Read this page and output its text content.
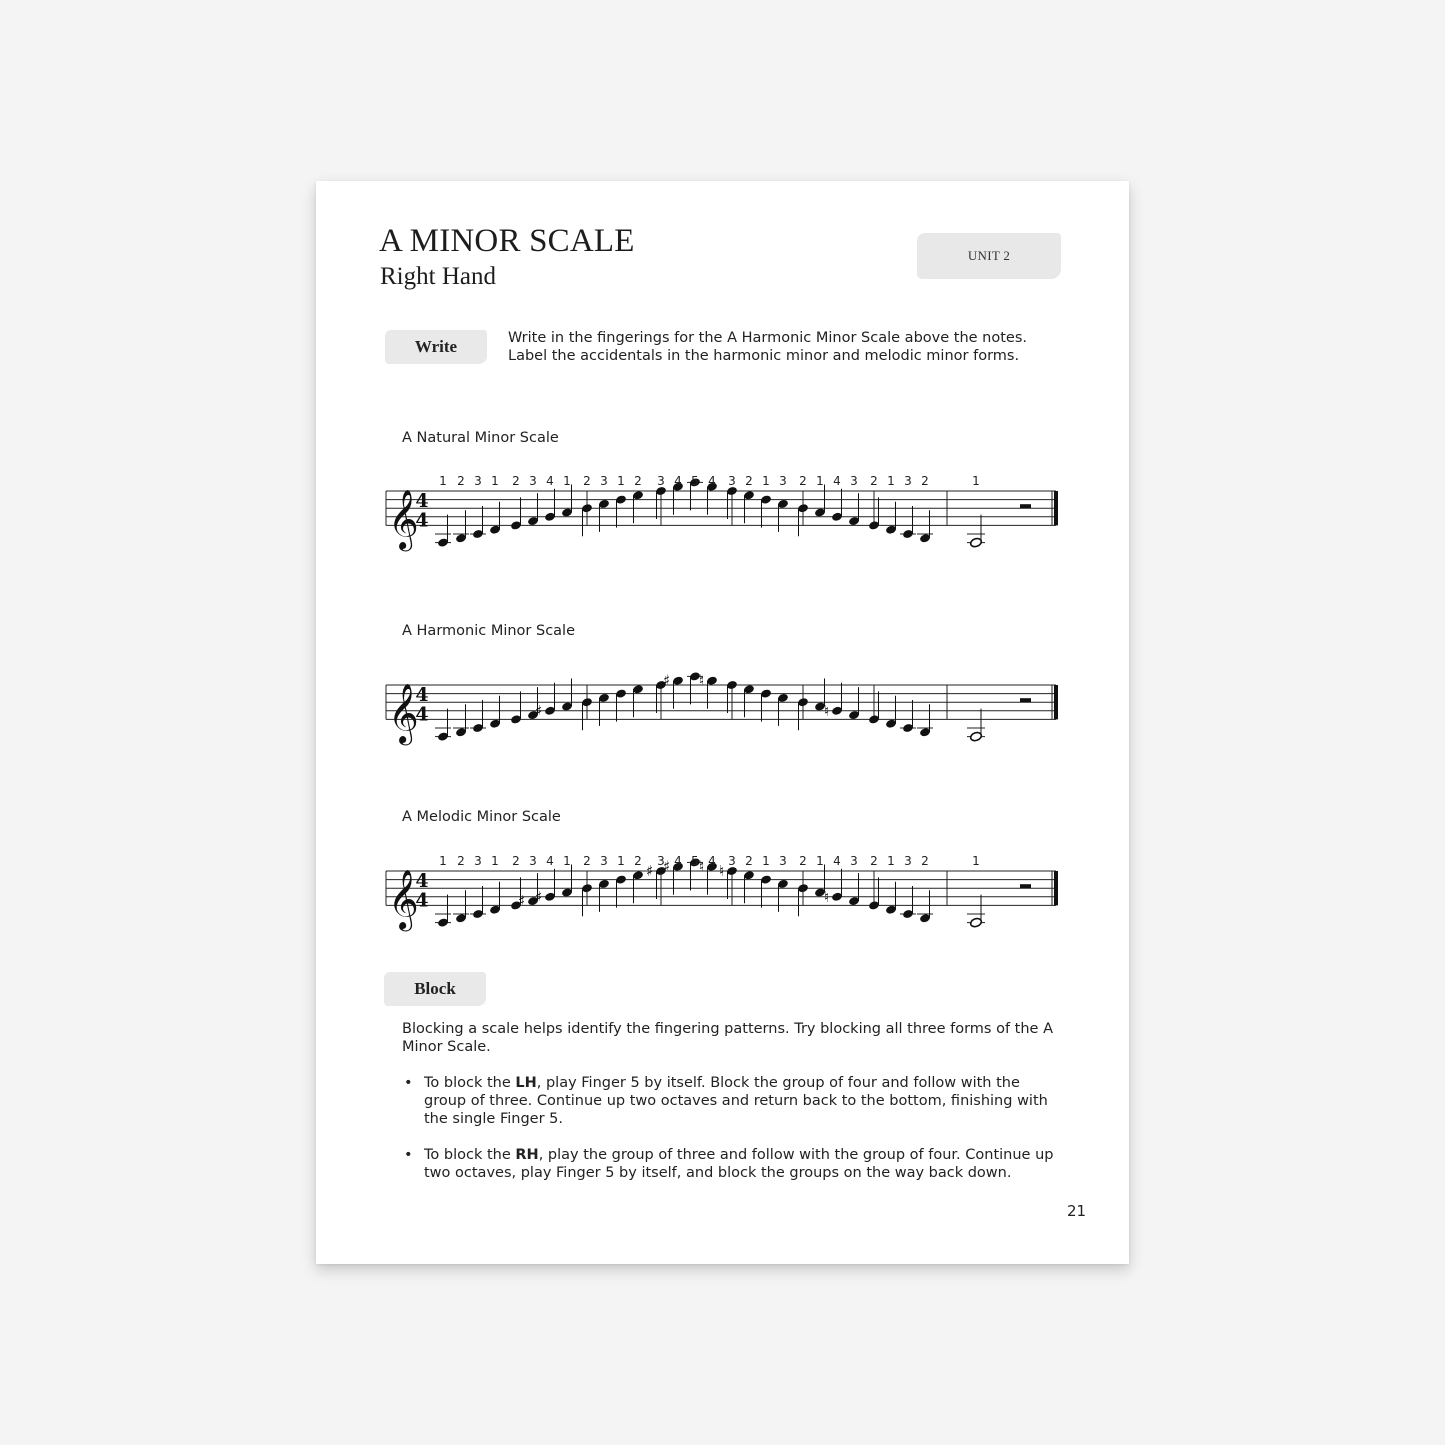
A MINOR SCALE
Right Hand
UNIT 2
Write	Write in the fingerings for the A Harmonic Minor Scale above the notes.
Label the accidentals in the harmonic minor and melodic minor forms.
A Natural Minor Scale
𝄞
4
4
1 2 3 1 2 3 4 1 2 3 1 2 3 4 5 4 3 2 1 3 2 1 4 3 2 1 3 2	1
A Harmonic Minor Scale
𝄞
4
4	♯
♯ ♮
♮
A Melodic Minor Scale
𝄞
4
4	♯ ♯
♯ ♯ ♮ ♮
♮
1 2 3 1 2 3 4 1 2 3 1 2 3 4 5 4 3 2 1 3 2 1 4 3 2 1 3 2	1
Block
Blocking a scale helps identify the fingering patterns. Try blocking all three forms of the A Minor Scale.
• To block the LH, play Finger 5 by itself. Block the group of four and follow with the group of three. Continue up two octaves and return back to the bottom, finishing with the single Finger 5.
• To block the RH, play the group of three and follow with the group of four. Continue up two octaves, play Finger 5 by itself, and block the groups on the way back down.
21
